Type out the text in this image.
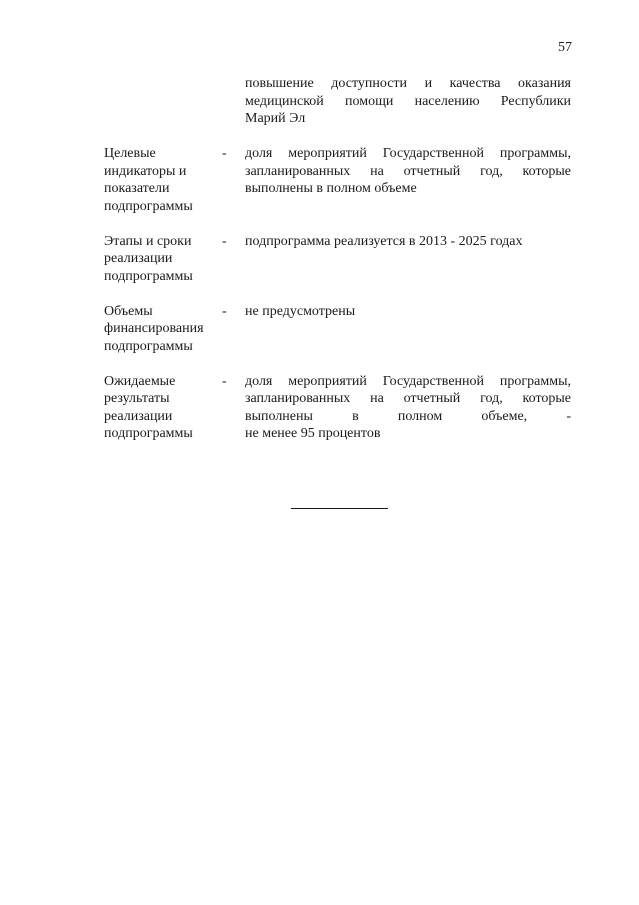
57
повышение доступности и качества оказания
медицинской помощи населению Республики
Марий Эл
Целевые
индикаторы и
показатели
подпрограммы
-	доля мероприятий Государственной программы,
запланированных на отчетный год, которые
выполнены в полном объеме
Этапы и сроки
реализации
подпрограммы
-	подпрограмма реализуется в 2013 - 2025 годах
Объемы
финансирования
подпрограммы
-	не предусмотрены
Ожидаемые
результаты
реализации
подпрограммы
-	доля мероприятий Государственной программы,
запланированных на отчетный год, которые
выполнены в полном объеме, -
не менее 95 процентов
